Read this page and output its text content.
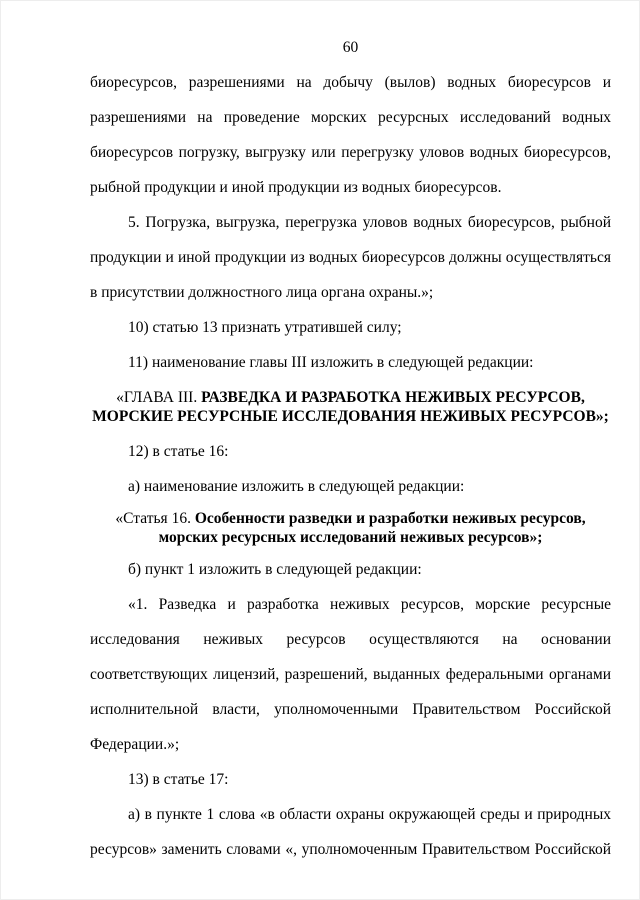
60
биоресурсов, разрешениями на добычу (вылов) водных биоресурсов и
разрешениями на проведение морских ресурсных исследований водных
биоресурсов погрузку, выгрузку или перегрузку уловов водных биоресурсов,
рыбной продукции и иной продукции из водных биоресурсов.
5. Погрузка, выгрузка, перегрузка уловов водных биоресурсов, рыбной
продукции и иной продукции из водных биоресурсов должны осуществляться
в присутствии должностного лица органа охраны.»;
10) статью 13 признать утратившей силу;
11) наименование главы III изложить в следующей редакции:
«ГЛАВА III. РАЗВЕДКА И РАЗРАБОТКА НЕЖИВЫХ РЕСУРСОВ,
МОРСКИЕ РЕСУРСНЫЕ ИССЛЕДОВАНИЯ НЕЖИВЫХ РЕСУРСОВ»;
12) в статье 16:
а) наименование изложить в следующей редакции:
«Статья 16. Особенности разведки и разработки неживых ресурсов,
морских ресурсных исследований неживых ресурсов»;
б) пункт 1 изложить в следующей редакции:
«1. Разведка и разработка неживых ресурсов, морские ресурсные
исследования неживых ресурсов осуществляются на основании
соответствующих лицензий, разрешений, выданных федеральными органами
исполнительной власти, уполномоченными Правительством Российской
Федерации.»;
13) в статье 17:
а) в пункте 1 слова «в области охраны окружающей среды и природных
ресурсов» заменить словами «, уполномоченным Правительством Российской
